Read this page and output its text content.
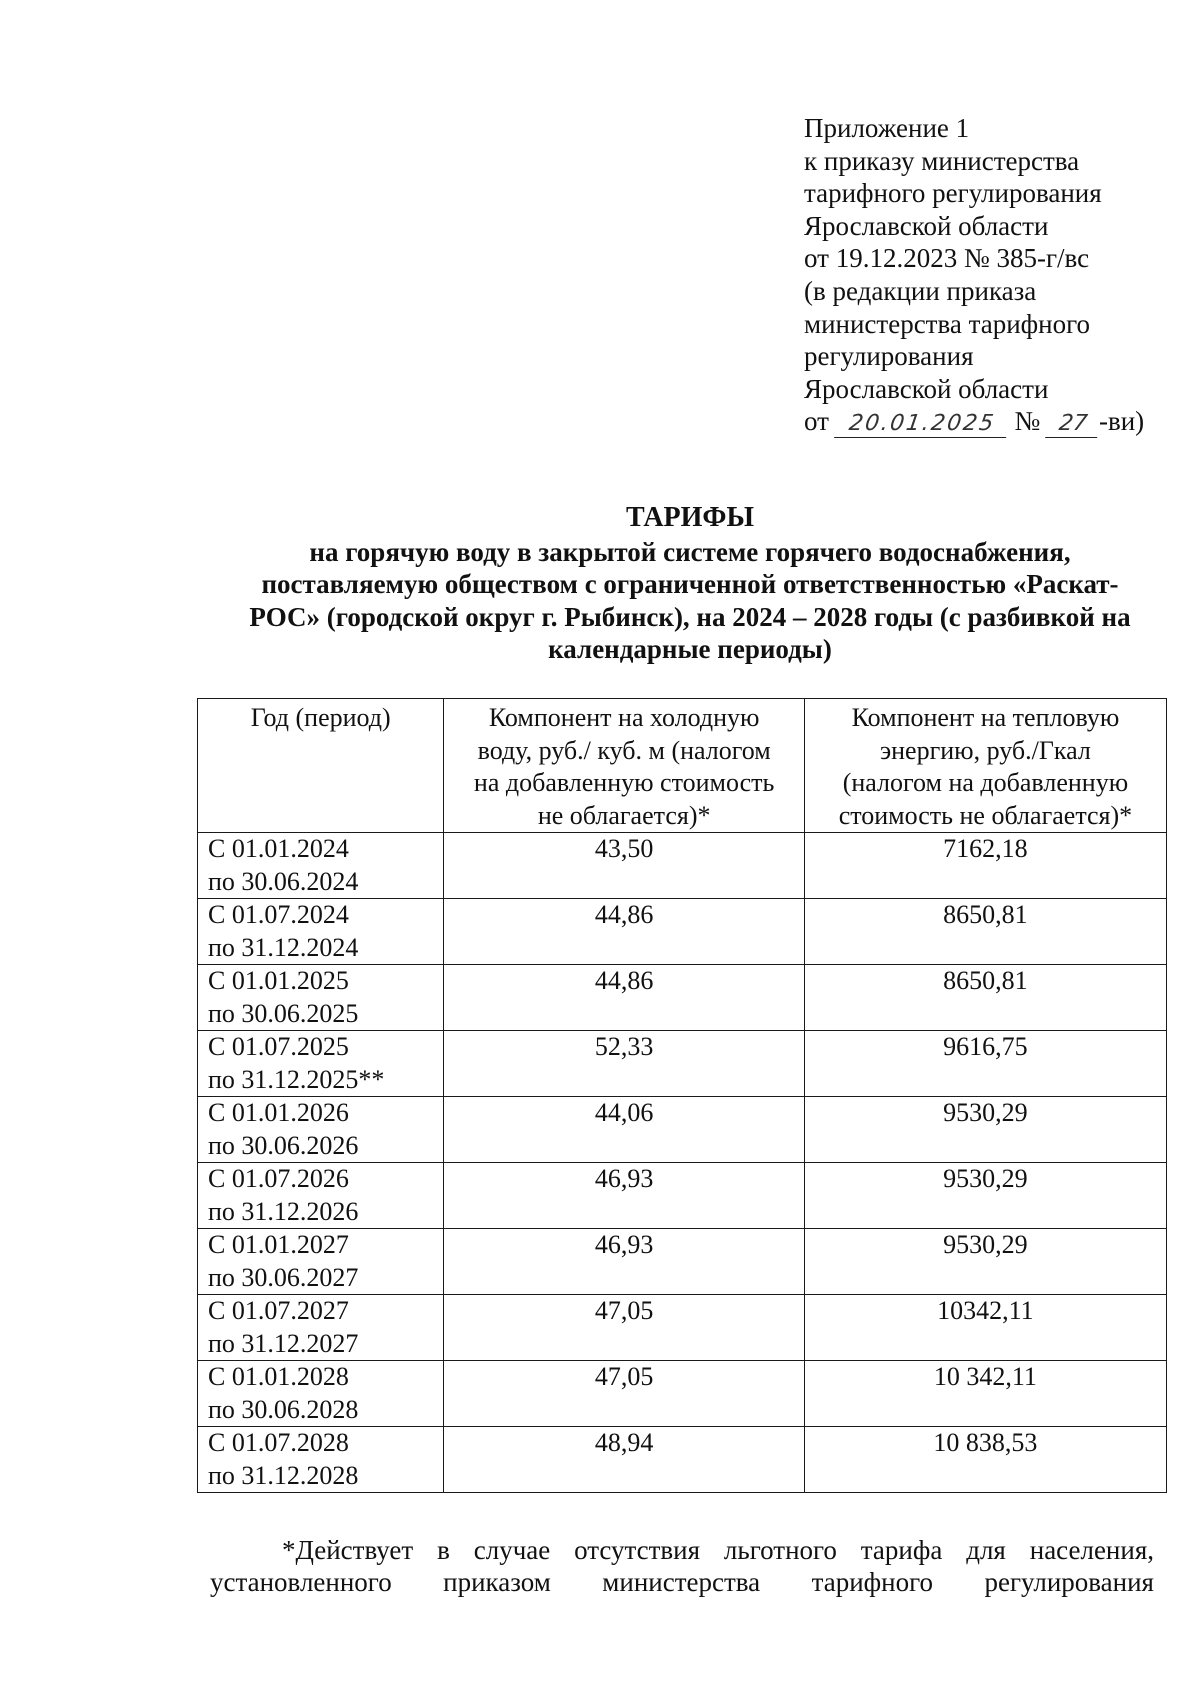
Приложение 1
к приказу министерства
тарифного регулирования
Ярославской области
от 19.12.2023 № 385-г/вс
(в редакции приказа
министерства тарифного
регулирования
Ярославской области
от 20.01.2025 № 27 -ви)
ТАРИФЫ
на горячую воду в закрытой системе горячего водоснабжения,
поставляемую обществом с ограниченной ответственностью «Раскат-
РОС» (городской округ г. Рыбинск), на 2024 – 2028 годы (с разбивкой на
календарные периоды)
Год (период)	Компонент на холодную
воду, руб./ куб. м (налогом
на добавленную стоимость
не облагается)*	Компонент на тепловую
энергию, руб./Гкал
(налогом на добавленную
стоимость не облагается)*

С 01.01.2024
по 30.06.2024	43,50	7162,18

С 01.07.2024
по 31.12.2024	44,86	8650,81

С 01.01.2025
по 30.06.2025	44,86	8650,81

С 01.07.2025
по 31.12.2025**	52,33	9616,75

С 01.01.2026
по 30.06.2026	44,06	9530,29

С 01.07.2026
по 31.12.2026	46,93	9530,29

С 01.01.2027
по 30.06.2027	46,93	9530,29

С 01.07.2027
по 31.12.2027	47,05	10342,11

С 01.01.2028
по 30.06.2028	47,05	10 342,11

С 01.07.2028
по 31.12.2028	48,94	10 838,53
*Действует в случае отсутствия льготного тарифа для населения,
установленного приказом министерства тарифного регулирования
